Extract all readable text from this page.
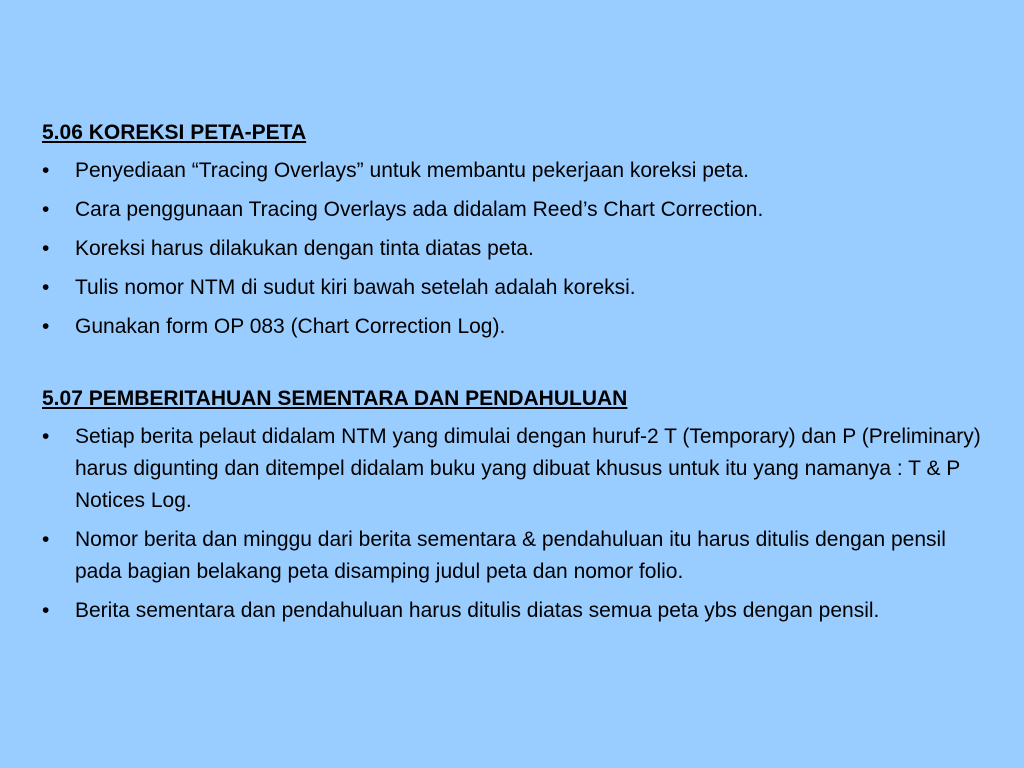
5.06 KOREKSI PETA-PETA
•	Penyediaan “Tracing Overlays” untuk membantu pekerjaan koreksi peta.
•	Cara penggunaan Tracing Overlays ada didalam Reed’s Chart Correction.
•	Koreksi harus dilakukan dengan tinta diatas peta.
•	Tulis nomor NTM di sudut kiri bawah setelah adalah koreksi.
•	Gunakan form OP 083 (Chart Correction Log).
5.07 PEMBERITAHUAN SEMENTARA DAN PENDAHULUAN
•	Setiap berita pelaut didalam NTM yang dimulai dengan huruf-2 T (Temporary) dan P (Preliminary) harus digunting dan ditempel didalam buku yang dibuat khusus untuk itu yang namanya : T & P Notices Log.
•	Nomor berita dan minggu dari berita sementara & pendahuluan itu harus ditulis dengan pensil pada bagian belakang peta disamping judul peta dan nomor folio.
•	Berita sementara dan pendahuluan harus ditulis diatas semua peta ybs dengan pensil.
